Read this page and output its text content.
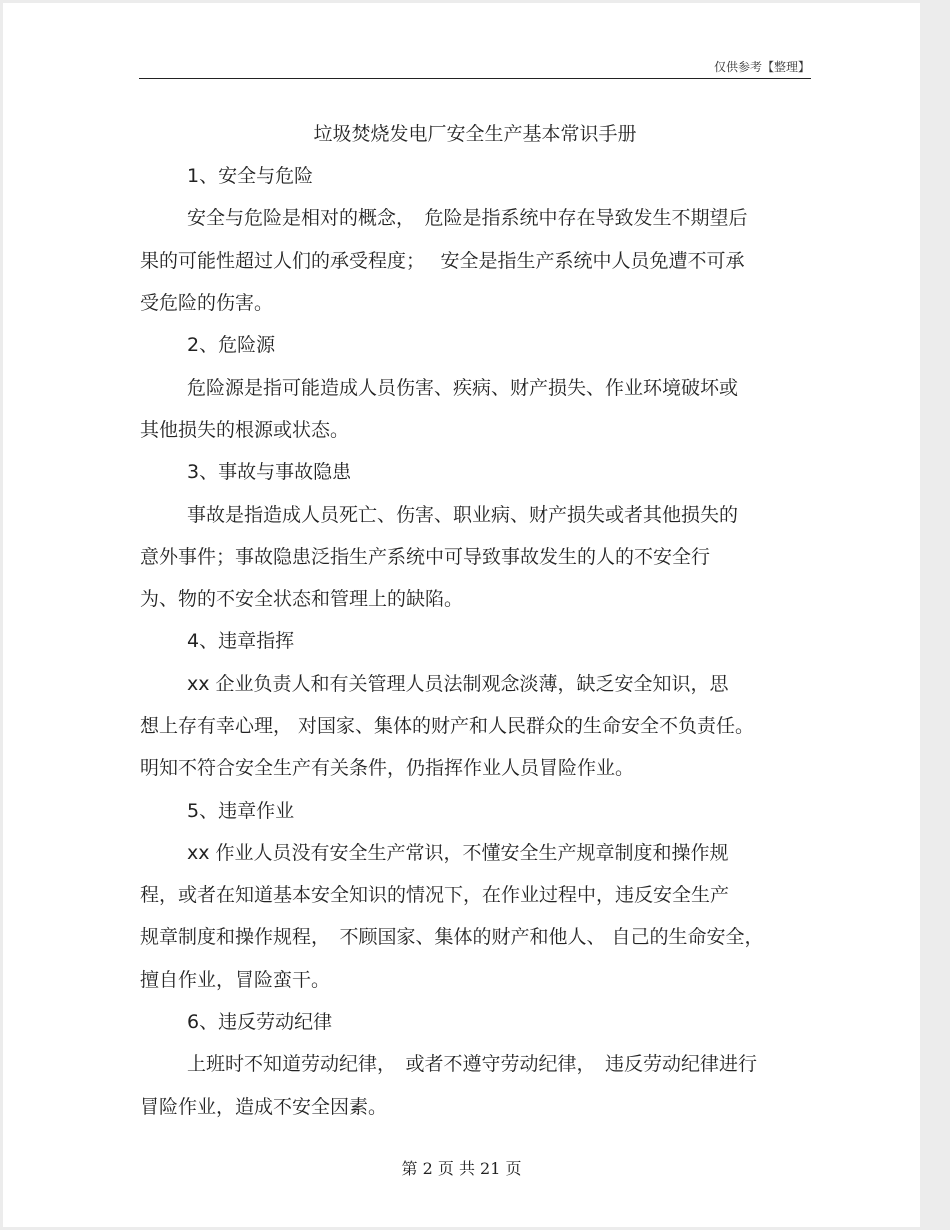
仅供参考【整理】
垃圾焚烧发电厂安全生产基本常识手册
1、安全与危险
安全与危险是相对的概念，　危险是指系统中存在导致发生不期望后
果的可能性超过人们的承受程度；　 安全是指生产系统中人员免遭不可承
受危险的伤害。
2、危险源
危险源是指可能造成人员伤害、疾病、财产损失、作业环境破坏或
其他损失的根源或状态。
3、事故与事故隐患
事故是指造成人员死亡、伤害、职业病、财产损失或者其他损失的
意外事件；事故隐患泛指生产系统中可导致事故发生的人的不安全行
为、物的不安全状态和管理上的缺陷。
4、违章指挥
xx 企业负责人和有关管理人员法制观念淡薄，缺乏安全知识，思
想上存有幸心理， 对国家、集体的财产和人民群众的生命安全不负责任。
明知不符合安全生产有关条件，仍指挥作业人员冒险作业。
5、违章作业
xx 作业人员没有安全生产常识，不懂安全生产规章制度和操作规
程，或者在知道基本安全知识的情况下，在作业过程中，违反安全生产
规章制度和操作规程，　不顾国家、集体的财产和他人、 自己的生命安全，
擅自作业，冒险蛮干。
6、违反劳动纪律
上班时不知道劳动纪律，　或者不遵守劳动纪律，　违反劳动纪律进行
冒险作业，造成不安全因素。
第 2 页 共 21 页
